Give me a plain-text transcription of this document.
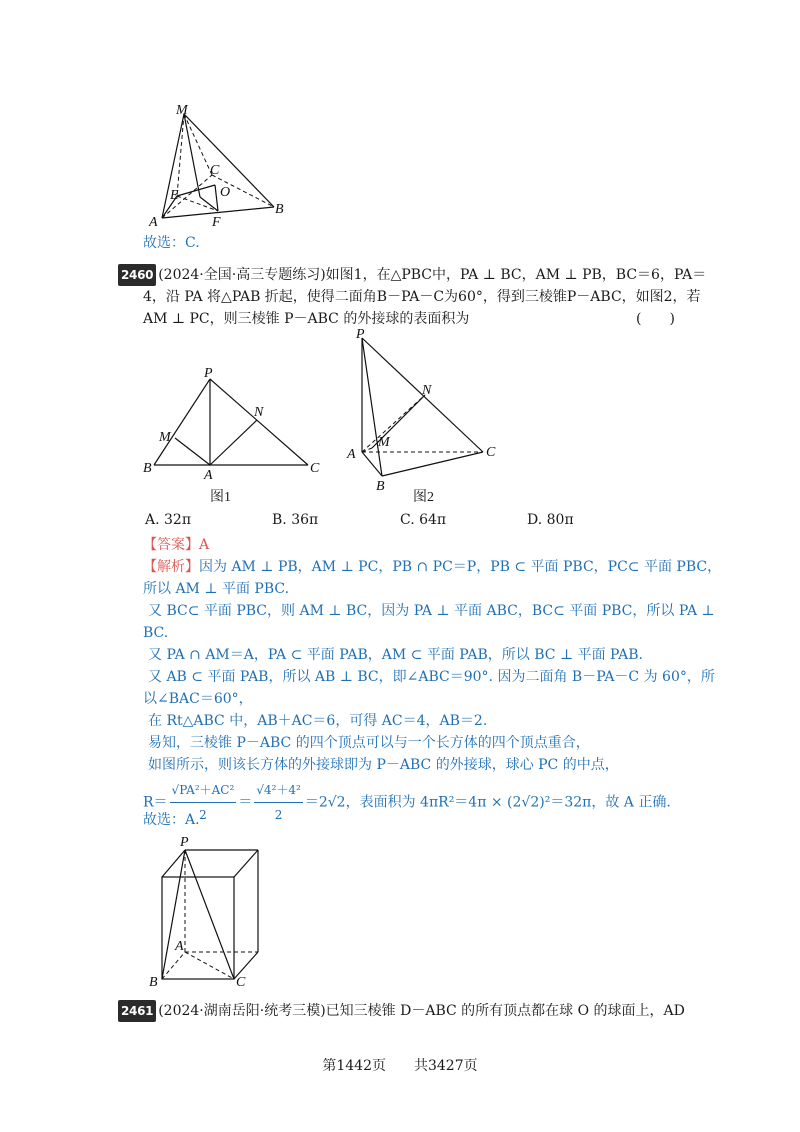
M
C
O
E
A	F
B
故选：C.
2460 (2024·全国·高三专题练习)如图1，在△PBC中，PA ⊥ BC，AM ⊥ PB，BC＝6，PA＝
4，沿 PA 将△PAB 折起，使得二面角B－PA－C为60°，得到三棱锥P－ABC，如图2，若
AM ⊥ PC，则三棱锥 P－ABC 的外接球的表面积为	(　　)
P
N
M
B	A	C
图1
P
N
M
A	C
B
图2
A. 32π	B. 36π	C. 64π	D. 80π
【答案】A
【解析】因为 AM ⊥ PB，AM ⊥ PC，PB ∩ PC＝P，PB ⊂ 平面 PBC，PC⊂ 平面 PBC，
所以 AM ⊥ 平面 PBC.
又 BC⊂ 平面 PBC，则 AM ⊥ BC，因为 PA ⊥ 平面 ABC，BC⊂ 平面 PBC，所以 PA ⊥
BC.
又 PA ∩ AM＝A，PA ⊂ 平面 PAB，AM ⊂ 平面 PAB，所以 BC ⊥ 平面 PAB.
又 AB ⊂ 平面 PAB，所以 AB ⊥ BC，即∠ABC＝90°. 因为二面角 B－PA－C 为 60°，所
以∠BAC＝60°，
在 Rt△ABC 中，AB＋AC＝6，可得 AC＝4，AB＝2.
易知，三棱锥 P－ABC 的四个顶点可以与一个长方体的四个顶点重合，
如图所示，则该长方体的外接球即为 P－ABC 的外接球，球心 PC 的中点，
$R= \frac{\text{√PA²＋AC²}}{2} = \frac{\text{√4²＋4²}}{2} =2√2$，表面积为 4πR²＝4π × (2√2)²＝32π，故 A 正确.
故选：A.
P
A
B	C
2461 (2024·湖南岳阳·统考三模)已知三棱锥 D－ABC 的所有顶点都在球 O 的球面上，AD
第1442页　　共3427页
